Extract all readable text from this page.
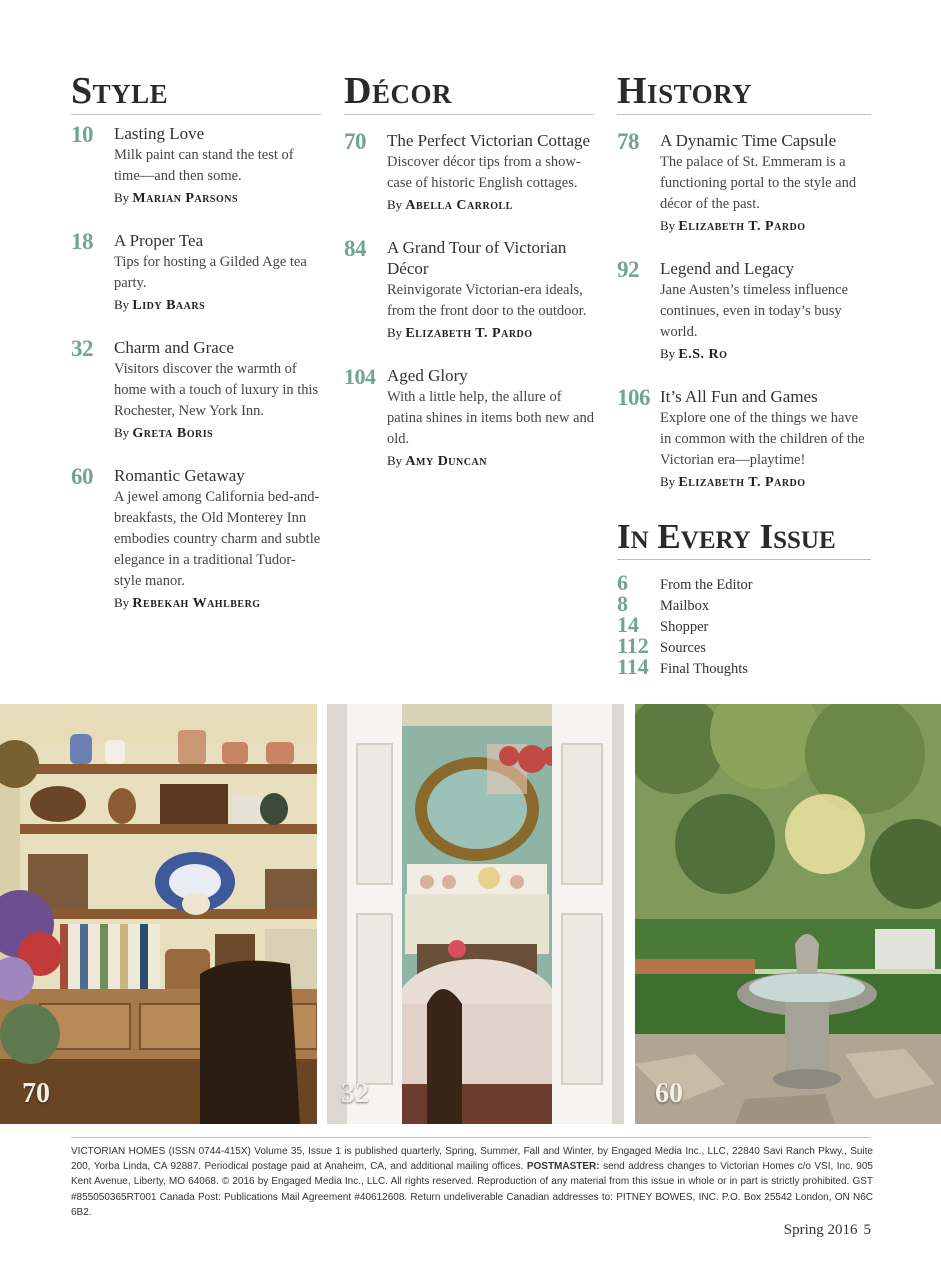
Style
10 Lasting Love
Milk paint can stand the test of time—and then some.
By Marian Parsons
18 A Proper Tea
Tips for hosting a Gilded Age tea party.
By Lidy Baars
32 Charm and Grace
Visitors discover the warmth of home with a touch of luxury in this Rochester, New York Inn.
By Greta Boris
60 Romantic Getaway
A jewel among California bed-and-breakfasts, the Old Monterey Inn embodies country charm and subtle elegance in a traditional Tudor-style manor.
By Rebekah Wahlberg
Décor
70 The Perfect Victorian Cottage
Discover décor tips from a show-case of historic English cottages.
By Abella Carroll
84 A Grand Tour of Victorian Décor
Reinvigorate Victorian-era ideals, from the front door to the outdoor.
By Elizabeth T. Pardo
104 Aged Glory
With a little help, the allure of patina shines in items both new and old.
By Amy Duncan
History
78	A Dynamic Time Capsule
The palace of St. Emmeram is a functioning portal to the style and décor of the past.
By Elizabeth T. Pardo
92	Legend and Legacy
Jane Austen’s timeless influence continues, even in today’s busy world.
By E.S. Ro
106 It’s All Fun and Games
Explore one of the things we have in common with the children of the Victorian era—playtime!
By Elizabeth T. Pardo
In Every Issue
6 From the Editor
8 Mailbox
14 Shopper
112 Sources
114 Final Thoughts
70	32	60
VICTORIAN HOMES (ISSN 0744-415X) Volume 35, Issue 1 is published quarterly, Spring, Summer, Fall and Winter, by Engaged Media Inc., LLC, 22840 Savi Ranch Pkwy., Suite 200, Yorba Linda, CA 92887. Periodical postage paid at Anaheim, CA, and additional mailing offices. POSTMASTER: send address changes to Victorian Homes c/o VSI, Inc. 905 Kent Avenue, Liberty, MO 64068. © 2016 by Engaged Media Inc., LLC. All rights reserved. Reproduction of any material from this issue in whole or in part is strictly prohibited. GST #855050365RT001 Canada Post: Publications Mail Agreement #40612608. Return undeliverable Canadian addresses to: PITNEY BOWES, INC. P.O. Box 25542 London, ON N6C 6B2.
Spring 2016 5
